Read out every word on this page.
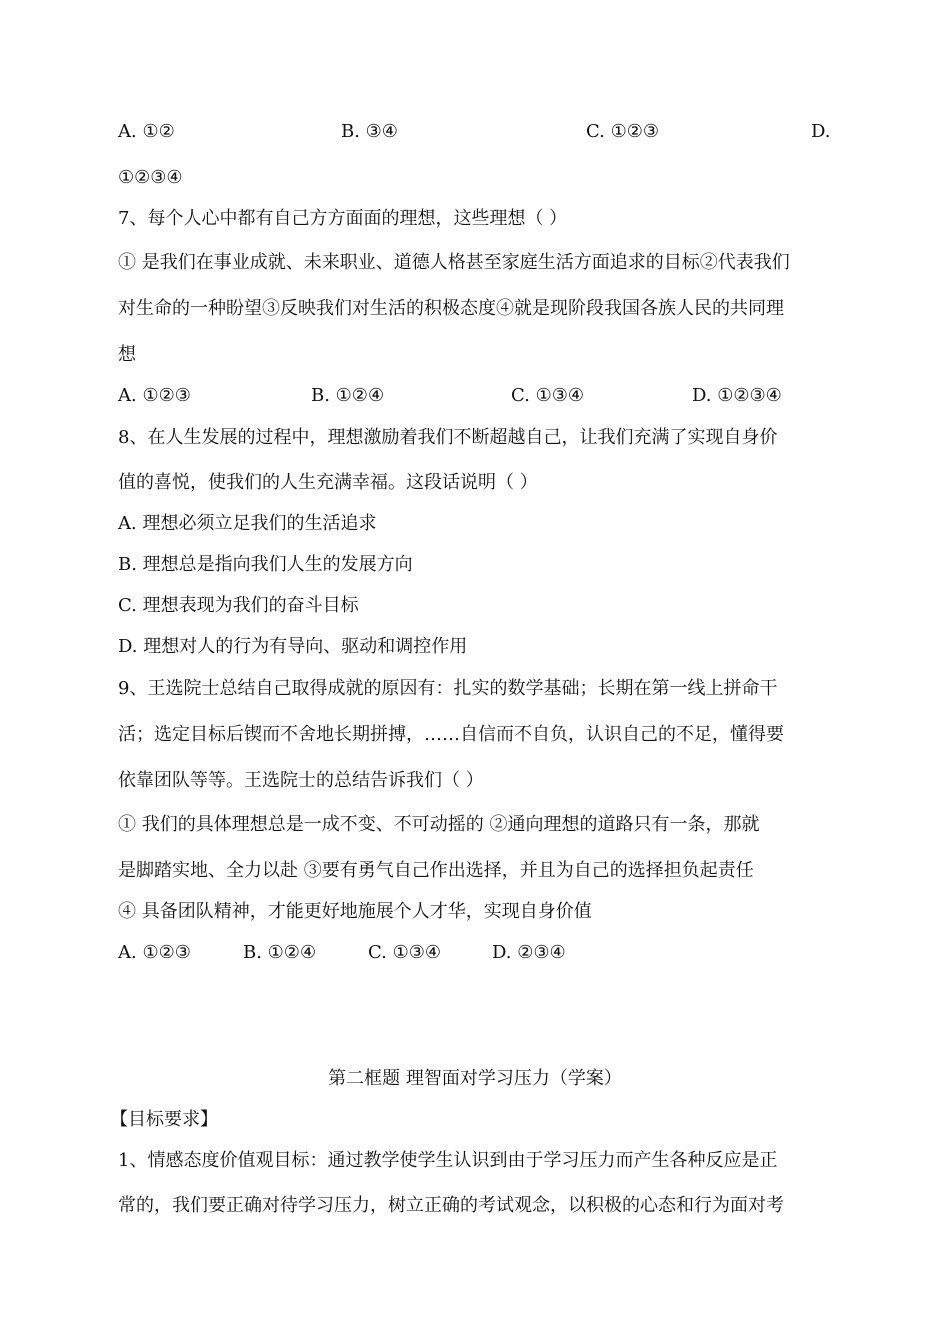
A. ①②	B. ③④	C. ①②③	D.
①②③④
7、每个人心中都有自己方方面面的理想，这些理想（ ）
① 是我们在事业成就、未来职业、道德人格甚至家庭生活方面追求的目标②代表我们
对生命的一种盼望③反映我们对生活的积极态度④就是现阶段我国各族人民的共同理
想
A. ①②③	B. ①②④	C. ①③④	D. ①②③④
8、在人生发展的过程中，理想激励着我们不断超越自己，让我们充满了实现自身价
值的喜悦，使我们的人生充满幸福。这段话说明（ ）
A. 理想必须立足我们的生活追求
B. 理想总是指向我们人生的发展方向
C. 理想表现为我们的奋斗目标
D. 理想对人的行为有导向、驱动和调控作用
9、王选院士总结自己取得成就的原因有：扎实的数学基础；长期在第一线上拼命干
活；选定目标后锲而不舍地长期拼搏，……自信而不自负，认识自己的不足，懂得要
依靠团队等等。王选院士的总结告诉我们（ ）
① 我们的具体理想总是一成不变、不可动摇的 ②通向理想的道路只有一条，那就
是脚踏实地、全力以赴 ③要有勇气自己作出选择，并且为自己的选择担负起责任
④ 具备团队精神，才能更好地施展个人才华，实现自身价值
A. ①②③	B. ①②④	C. ①③④	D. ②③④
第二框题 理智面对学习压力（学案）
【目标要求】
1、情感态度价值观目标：通过教学使学生认识到由于学习压力而产生各种反应是正
常的，我们要正确对待学习压力，树立正确的考试观念，以积极的心态和行为面对考
